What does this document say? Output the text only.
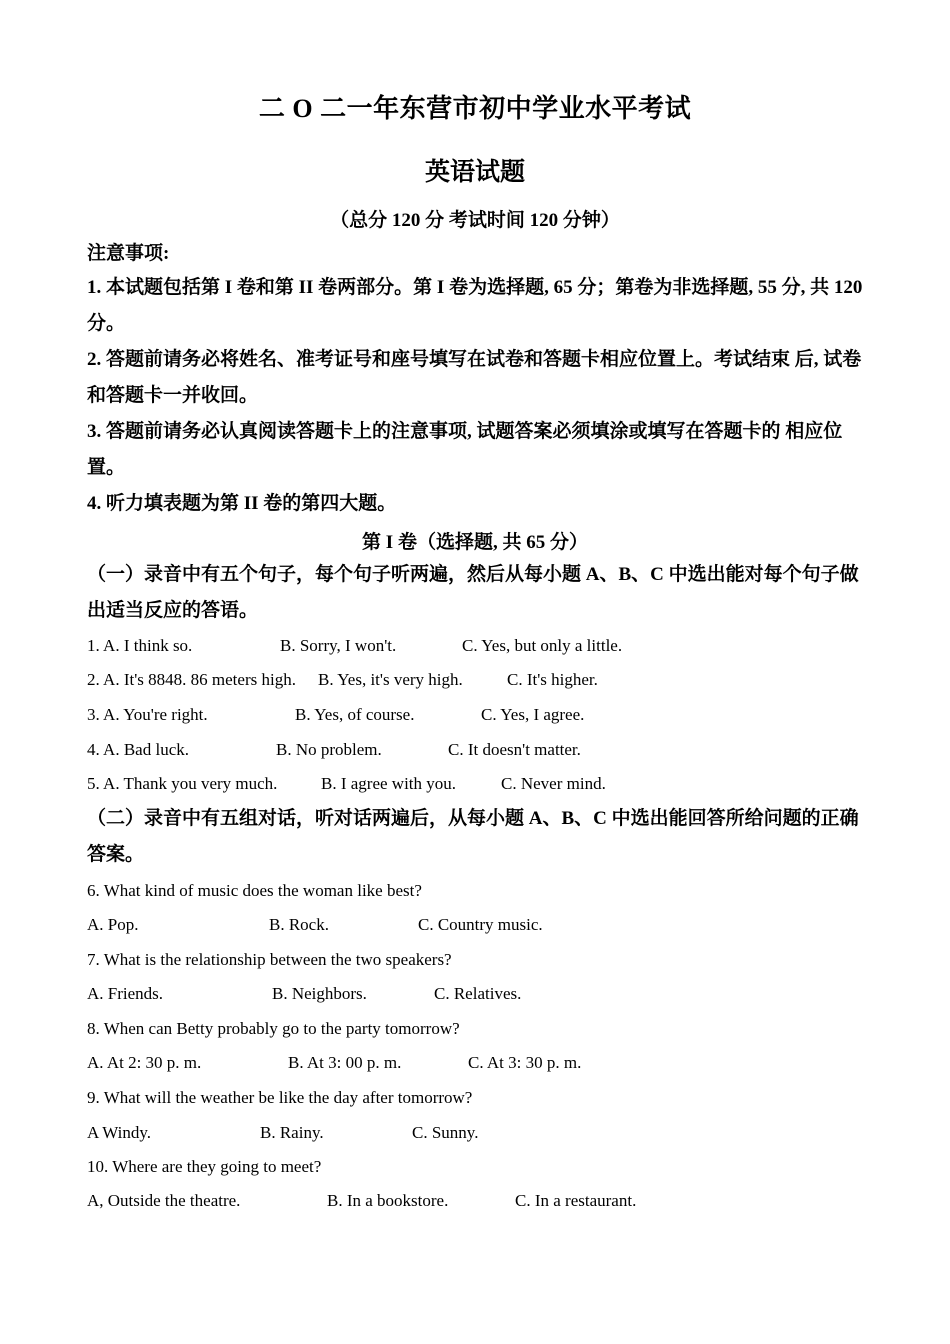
二 O 二一年东营市初中学业水平考试
英语试题
（总分 120 分 考试时间 120 分钟）
注意事项:
1. 本试题包括第 I 卷和第 II 卷两部分。第 I 卷为选择题, 65 分；第卷为非选择题, 55 分, 共 120 分。
2. 答题前请务必将姓名、准考证号和座号填写在试卷和答题卡相应位置上。考试结束 后, 试卷和答题卡一并收回。
3. 答题前请务必认真阅读答题卡上的注意事项, 试题答案必须填涂或填写在答题卡的 相应位置。
4. 听力填表题为第 II 卷的第四大题。
第 I 卷（选择题, 共 65 分）
（一）录音中有五个句子，每个句子听两遍，然后从每小题 A、B、C 中选出能对每个句子做出适当反应的答语。
1. A. I think so.	B. Sorry, I won't.	C. Yes, but only a little.
2. A. It's 8848. 86 meters high. B. Yes, it's very high.	C. It's higher.
3. A. You're right.	B. Yes, of course.	C. Yes, I agree.
4. A. Bad luck.	B. No problem.	C. It doesn't matter.
5. A. Thank you very much.	B. I agree with you.	C. Never mind.
（二）录音中有五组对话，听对话两遍后，从每小题 A、B、C 中选出能回答所给问题的正确答案。
6. What kind of music does the woman like best?
A. Pop.	B. Rock.	C. Country music.
7. What is the relationship between the two speakers?
A. Friends.	B. Neighbors.	C. Relatives.
8. When can Betty probably go to the party tomorrow?
A. At 2: 30 p. m.	B. At 3: 00 p. m.	C. At 3: 30 p. m.
9. What will the weather be like the day after tomorrow?
A Windy.	B. Rainy.	C. Sunny.
10. Where are they going to meet?
A, Outside the theatre.	B. In a bookstore.	C. In a restaurant.
